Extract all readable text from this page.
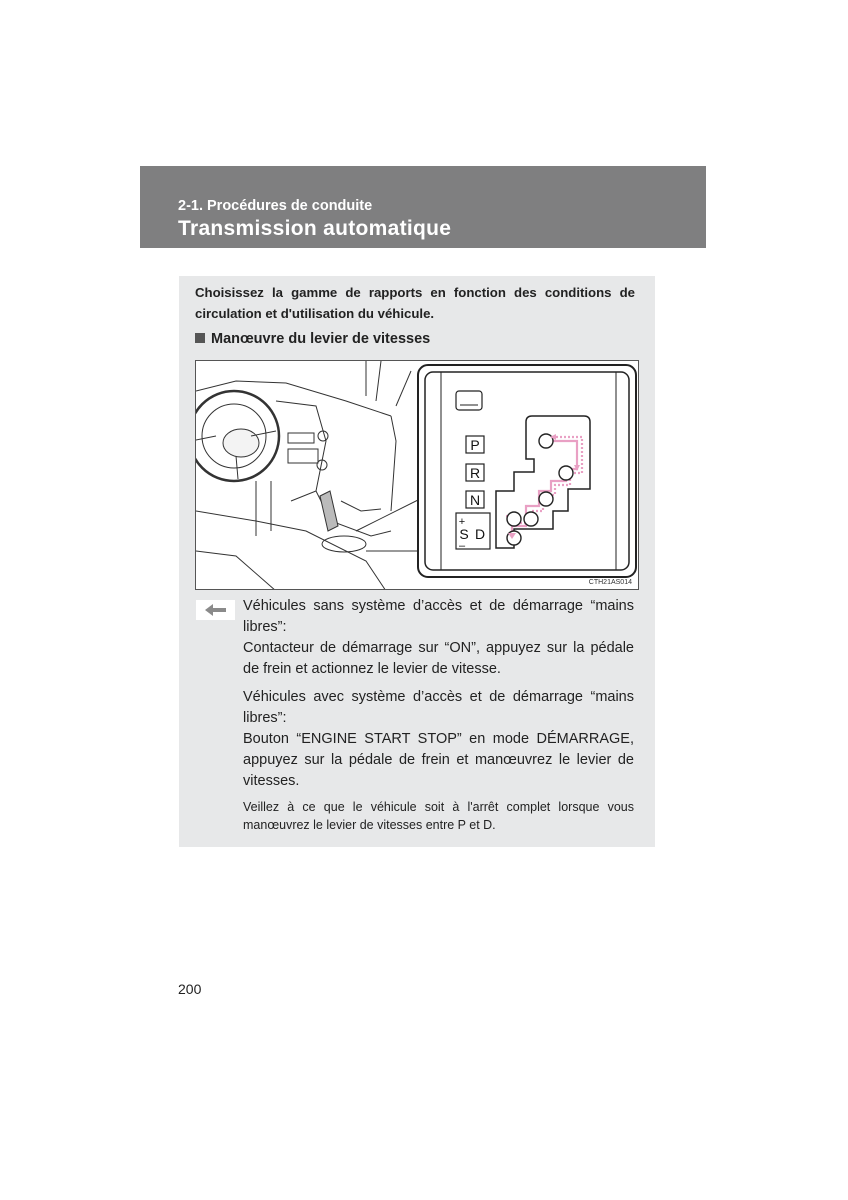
2-1. Procédures de conduite
Transmission automatique
Choisissez la gamme de rapports en fonction des conditions de circulation et d'utilisation du véhicule.
Manœuvre du levier de vitesses
P
R
N
+
S D
–
CTH21AS014
Véhicules sans système d’accès et de démarrage “mains libres”:
Contacteur de démarrage sur “ON”, appuyez sur la pédale de frein et actionnez le levier de vitesse.
Véhicules avec système d’accès et de démarrage “mains libres”:
Bouton “ENGINE START STOP” en mode DÉMARRAGE, appuyez sur la pédale de frein et manœuvrez le levier de vitesses.
Veillez à ce que le véhicule soit à l'arrêt complet lorsque vous manœuvrez le levier de vitesses entre P et D.
200
